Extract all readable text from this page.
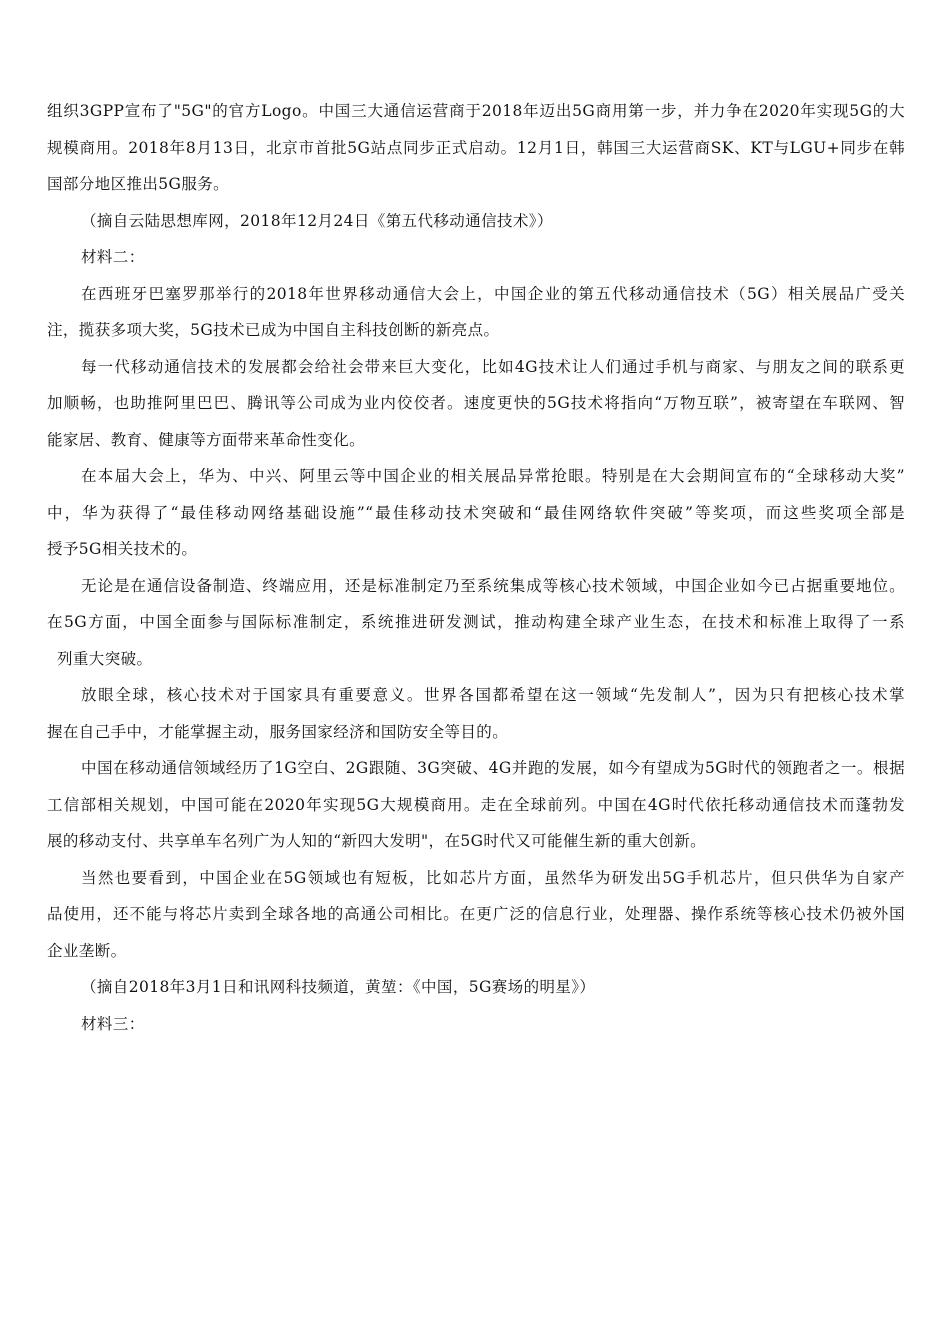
组织3GPP宣布了"5G"的官方Logo。中国三大通信运营商于2018年迈出5G商用第一步，并力争在2020年实现5G的大
规模商用。2018年8月13日，北京市首批5G站点同步正式启动。12月1日，韩国三大运营商SK、KT与LGU+同步在韩
国部分地区推出5G服务。
（摘自云陆思想库网，2018年12月24日《第五代移动通信技术》）
材料二：
在西班牙巴塞罗那举行的2018年世界移动通信大会上，中国企业的第五代移动通信技术（5G）相关展品广受关
注，揽获多项大奖，5G技术已成为中国自主科技创断的新亮点。
每一代移动通信技术的发展都会给社会带来巨大变化，比如4G技术让人们通过手机与商家、与朋友之间的联系更
加顺畅，也助推阿里巴巴、腾讯等公司成为业内佼佼者。速度更快的5G技术将指向“万物互联”，被寄望在车联网、智
能家居、教育、健康等方面带来革命性变化。
在本届大会上，华为、中兴、阿里云等中国企业的相关展品异常抢眼。特别是在大会期间宣布的“全球移动大奖”
中，华为获得了“最佳移动网络基础设施”“最佳移动技术突破和“最佳网络软件突破”等奖项，而这些奖项全部是
授予5G相关技术的。
无论是在通信设备制造、终端应用，还是标准制定乃至系统集成等核心技术领域，中国企业如今已占据重要地位。
在5G方面，中国全面参与国际标准制定，系统推进研发测试，推动构建全球产业生态，在技术和标准上取得了一系
列重大突破。
放眼全球，核心技术对于国家具有重要意义。世界各国都希望在这一领域“先发制人”，因为只有把核心技术掌
握在自己手中，才能掌握主动，服务国家经济和国防安全等目的。
中国在移动通信领域经历了1G空白、2G跟随、3G突破、4G并跑的发展，如今有望成为5G时代的领跑者之一。根据
工信部相关规划，中国可能在2020年实现5G大规模商用。走在全球前列。中国在4G时代依托移动通信技术而蓬勃发
展的移动支付、共享单车名列广为人知的“新四大发明"，在5G时代又可能催生新的重大创新。
当然也要看到，中国企业在5G领域也有短板，比如芯片方面，虽然华为研发出5G手机芯片，但只供华为自家产
品使用，还不能与将芯片卖到全球各地的高通公司相比。在更广泛的信息行业，处理器、操作系统等核心技术仍被外国
企业垄断。
（摘自2018年3月1日和讯网科技频道，黄堃：《中国，5G赛场的明星》）
材料三：
